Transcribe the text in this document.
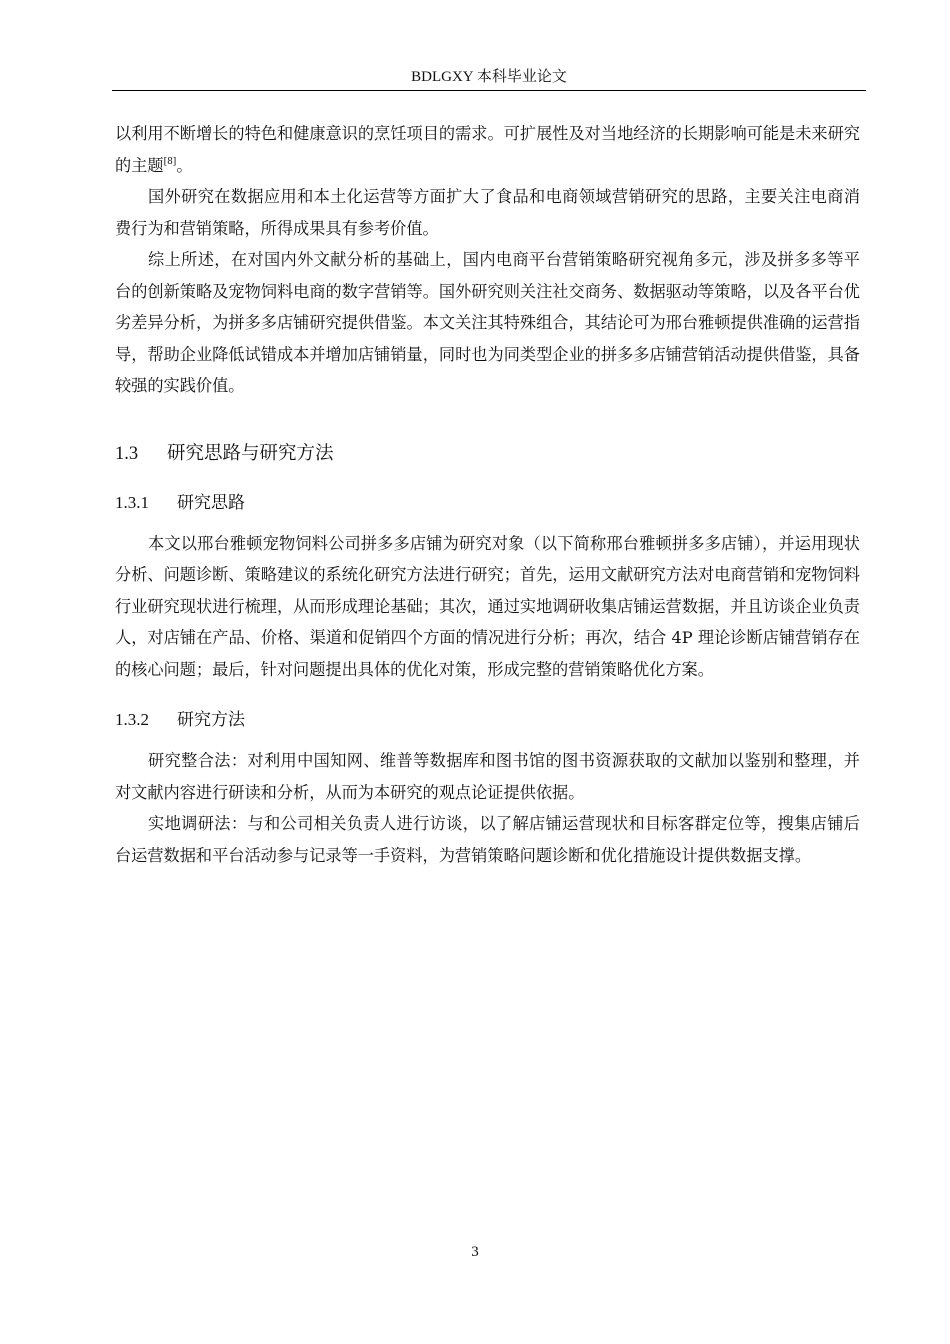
BDLGXY 本科毕业论文

以利用不断增长的特色和健康意识的烹饪项目的需求。可扩展性及对当地经济的长期影响可能是未来研究的主题[8]。

国外研究在数据应用和本土化运营等方面扩大了食品和电商领域营销研究的思路，主要关注电商消费行为和营销策略，所得成果具有参考价值。

综上所述，在对国内外文献分析的基础上，国内电商平台营销策略研究视角多元，涉及拼多多等平台的创新策略及宠物饲料电商的数字营销等。国外研究则关注社交商务、数据驱动等策略，以及各平台优劣差异分析，为拼多多店铺研究提供借鉴。本文关注其特殊组合，其结论可为邢台雅顿提供准确的运营指导，帮助企业降低试错成本并增加店铺销量，同时也为同类型企业的拼多多店铺营销活动提供借鉴，具备较强的实践价值。

1.3 研究思路与研究方法
1.3.1 研究思路

本文以邢台雅顿宠物饲料公司拼多多店铺为研究对象（以下简称邢台雅顿拼多多店铺），并运用现状分析、问题诊断、策略建议的系统化研究方法进行研究；首先，运用文献研究方法对电商营销和宠物饲料行业研究现状进行梳理，从而形成理论基础；其次，通过实地调研收集店铺运营数据，并且访谈企业负责人，对店铺在产品、价格、渠道和促销四个方面的情况进行分析；再次，结合 4P 理论诊断店铺营销存在的核心问题；最后，针对问题提出具体的优化对策，形成完整的营销策略优化方案。

1.3.2 研究方法

研究整合法：对利用中国知网、维普等数据库和图书馆的图书资源获取的文献加以鉴别和整理，并对文献内容进行研读和分析，从而为本研究的观点论证提供依据。

实地调研法：与和公司相关负责人进行访谈，以了解店铺运营现状和目标客群定位等，搜集店铺后台运营数据和平台活动参与记录等一手资料，为营销策略问题诊断和优化措施设计提供数据支撑。

3
